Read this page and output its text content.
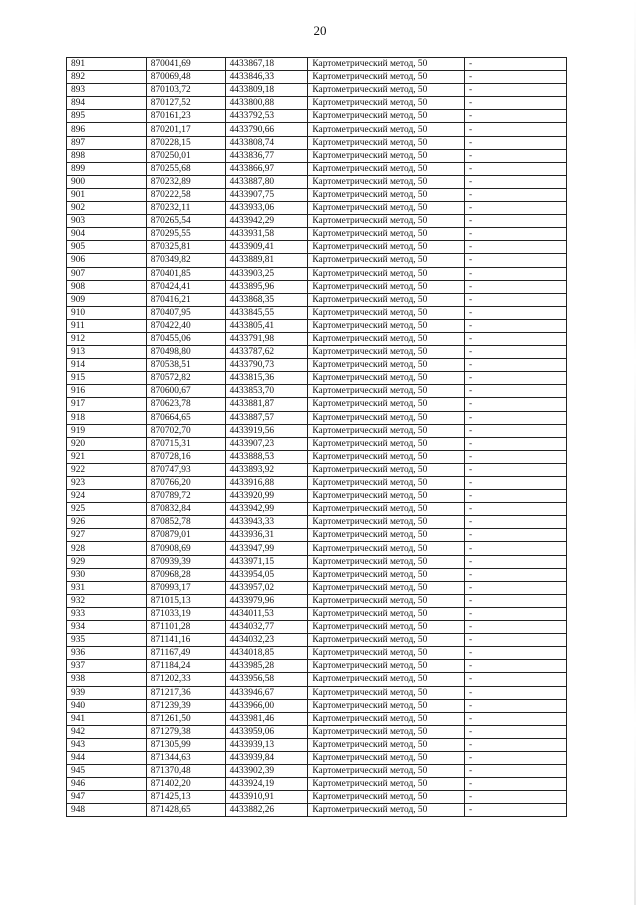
20
891	870041,69	4433867,18	Картометрический метод, 50	-
892	870069,48	4433846,33	Картометрический метод, 50	-
893	870103,72	4433809,18	Картометрический метод, 50	-
894	870127,52	4433800,88	Картометрический метод, 50	-
895	870161,23	4433792,53	Картометрический метод, 50	-
896	870201,17	4433790,66	Картометрический метод, 50	-
897	870228,15	4433808,74	Картометрический метод, 50	-
898	870250,01	4433836,77	Картометрический метод, 50	-
899	870255,68	4433866,97	Картометрический метод, 50	-
900	870232,89	4433887,80	Картометрический метод, 50	-
901	870222,58	4433907,75	Картометрический метод, 50	-
902	870232,11	4433933,06	Картометрический метод, 50	-
903	870265,54	4433942,29	Картометрический метод, 50	-
904	870295,55	4433931,58	Картометрический метод, 50	-
905	870325,81	4433909,41	Картометрический метод, 50	-
906	870349,82	4433889,81	Картометрический метод, 50	-
907	870401,85	4433903,25	Картометрический метод, 50	-
908	870424,41	4433895,96	Картометрический метод, 50	-
909	870416,21	4433868,35	Картометрический метод, 50	-
910	870407,95	4433845,55	Картометрический метод, 50	-
911	870422,40	4433805,41	Картометрический метод, 50	-
912	870455,06	4433791,98	Картометрический метод, 50	-
913	870498,80	4433787,62	Картометрический метод, 50	-
914	870538,51	4433790,73	Картометрический метод, 50	-
915	870572,82	4433815,36	Картометрический метод, 50	-
916	870600,67	4433853,70	Картометрический метод, 50	-
917	870623,78	4433881,87	Картометрический метод, 50	-
918	870664,65	4433887,57	Картометрический метод, 50	-
919	870702,70	4433919,56	Картометрический метод, 50	-
920	870715,31	4433907,23	Картометрический метод, 50	-
921	870728,16	4433888,53	Картометрический метод, 50	-
922	870747,93	4433893,92	Картометрический метод, 50	-
923	870766,20	4433916,88	Картометрический метод, 50	-
924	870789,72	4433920,99	Картометрический метод, 50	-
925	870832,84	4433942,99	Картометрический метод, 50	-
926	870852,78	4433943,33	Картометрический метод, 50	-
927	870879,01	4433936,31	Картометрический метод, 50	-
928	870908,69	4433947,99	Картометрический метод, 50	-
929	870939,39	4433971,15	Картометрический метод, 50	-
930	870968,28	4433954,05	Картометрический метод, 50	-
931	870993,17	4433957,02	Картометрический метод, 50	-
932	871015,13	4433979,96	Картометрический метод, 50	-
933	871033,19	4434011,53	Картометрический метод, 50	-
934	871101,28	4434032,77	Картометрический метод, 50	-
935	871141,16	4434032,23	Картометрический метод, 50	-
936	871167,49	4434018,85	Картометрический метод, 50	-
937	871184,24	4433985,28	Картометрический метод, 50	-
938	871202,33	4433956,58	Картометрический метод, 50	-
939	871217,36	4433946,67	Картометрический метод, 50	-
940	871239,39	4433966,00	Картометрический метод, 50	-
941	871261,50	4433981,46	Картометрический метод, 50	-
942	871279,38	4433959,06	Картометрический метод, 50	-
943	871305,99	4433939,13	Картометрический метод, 50	-
944	871344,63	4433939,84	Картометрический метод, 50	-
945	871370,48	4433902,39	Картометрический метод, 50	-
946	871402,20	4433924,19	Картометрический метод, 50	-
947	871425,13	4433910,91	Картометрический метод, 50	-
948	871428,65	4433882,26	Картометрический метод, 50	-
